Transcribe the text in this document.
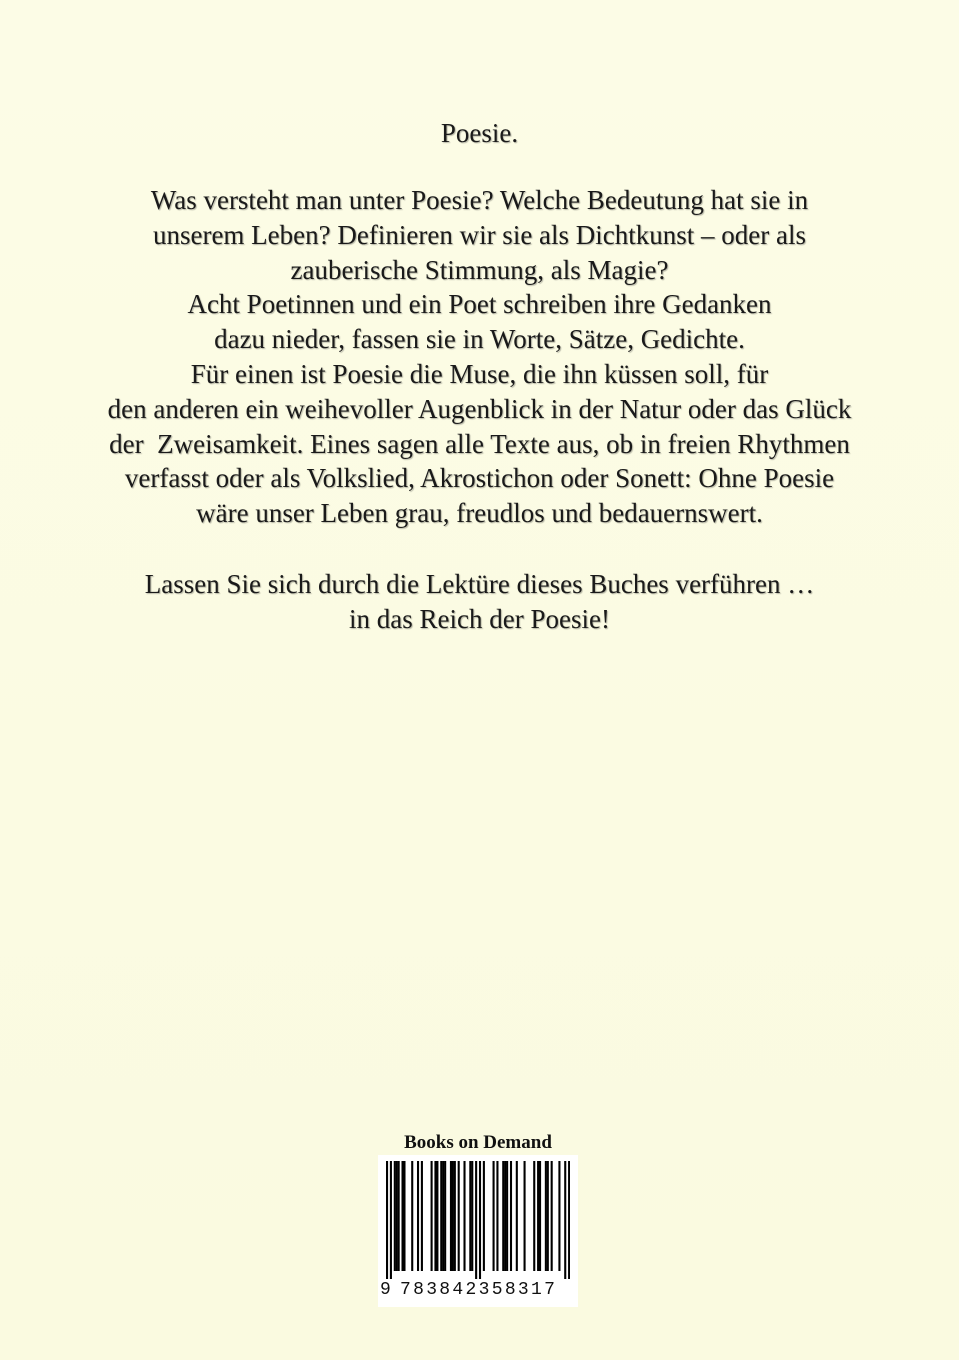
Poesie.
Was versteht man unter Poesie? Welche Bedeutung hat sie in
unserem Leben? Definieren wir sie als Dichtkunst – oder als
zauberische Stimmung, als Magie?
Acht Poetinnen und ein Poet schreiben ihre Gedanken
dazu nieder, fassen sie in Worte, Sätze, Gedichte.
Für einen ist Poesie die Muse, die ihn küssen soll, für
den anderen ein weihevoller Augenblick in der Natur oder das Glück
der  Zweisamkeit. Eines sagen alle Texte aus, ob in freien Rhythmen
verfasst oder als Volkslied, Akrostichon oder Sonett: Ohne Poesie
wäre unser Leben grau, freudlos und bedauernswert.
Lassen Sie sich durch die Lektüre dieses Buches verführen …
in das Reich der Poesie!
Books on Demand
9 783842358317
